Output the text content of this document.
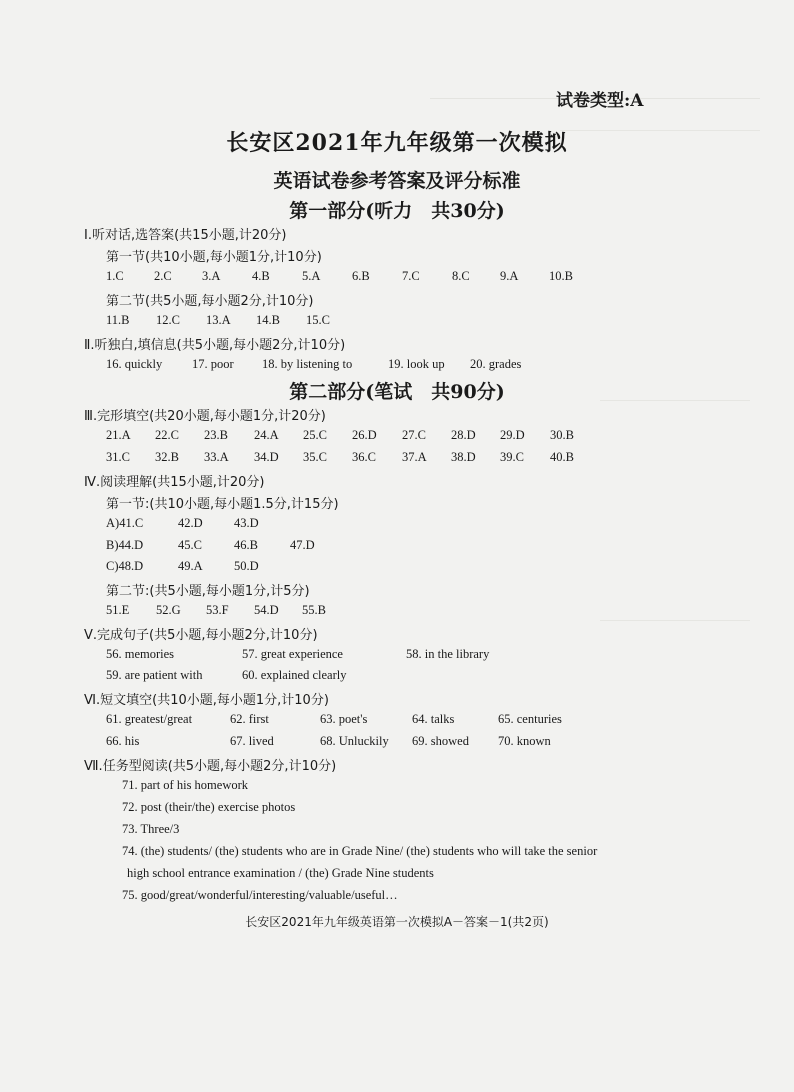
试卷类型:A
长安区2021年九年级第一次模拟
英语试卷参考答案及评分标准
第一部分(听力　共30分)
Ⅰ.听对话,选答案(共15小题,计20分)
第一节(共10小题,每小题1分,计10分)
1.C 2.C 3.A	4.B	5.A	6.B	7.C	8.C 9.A 10.B
第二节(共5小题,每小题2分,计10分)
11.B 12.C 13.A 14.B 15.C
Ⅱ.听独白,填信息(共5小题,每小题2分,计10分)
16. quickly 17. poor 18. by listening to	19. look up 20. grades
第二部分(笔试　共90分)
Ⅲ.完形填空(共20小题,每小题1分,计20分)
21.A 22.C 23.B 24.A 25.C 26.D 27.C 28.D 29.D 30.B
31.C 32.B 33.A 34.D 35.C 36.C 37.A 38.D 39.C 40.B
Ⅳ.阅读理解(共15小题,计20分)
第一节:(共10小题,每小题1.5分,计15分)
A)41.C	42.D	43.D
B)44.D	45.C	46.B	47.D
C)48.D	49.A	50.D
第二节:(共5小题,每小题1分,计5分)
51.E 52.G 53.F 54.D 55.B
Ⅴ.完成句子(共5小题,每小题2分,计10分)
56. memories	57. great experience	58. in the library
59. are patient with	60. explained clearly
Ⅵ.短文填空(共10小题,每小题1分,计10分)
61. greatest/great	62. first	63. poet's	64. talks	65. centuries
66. his	67. lived	68. Unluckily 69. showed 70. known
Ⅶ.任务型阅读(共5小题,每小题2分,计10分)
71. part of his homework
72. post (their/the) exercise photos
73. Three/3
74. (the) students/ (the) students who are in Grade Nine/ (the) students who will take the senior
high school entrance examination / (the) Grade Nine students
75. good/great/wonderful/interesting/valuable/useful…
长安区2021年九年级英语第一次模拟A－答案－1(共2页)
